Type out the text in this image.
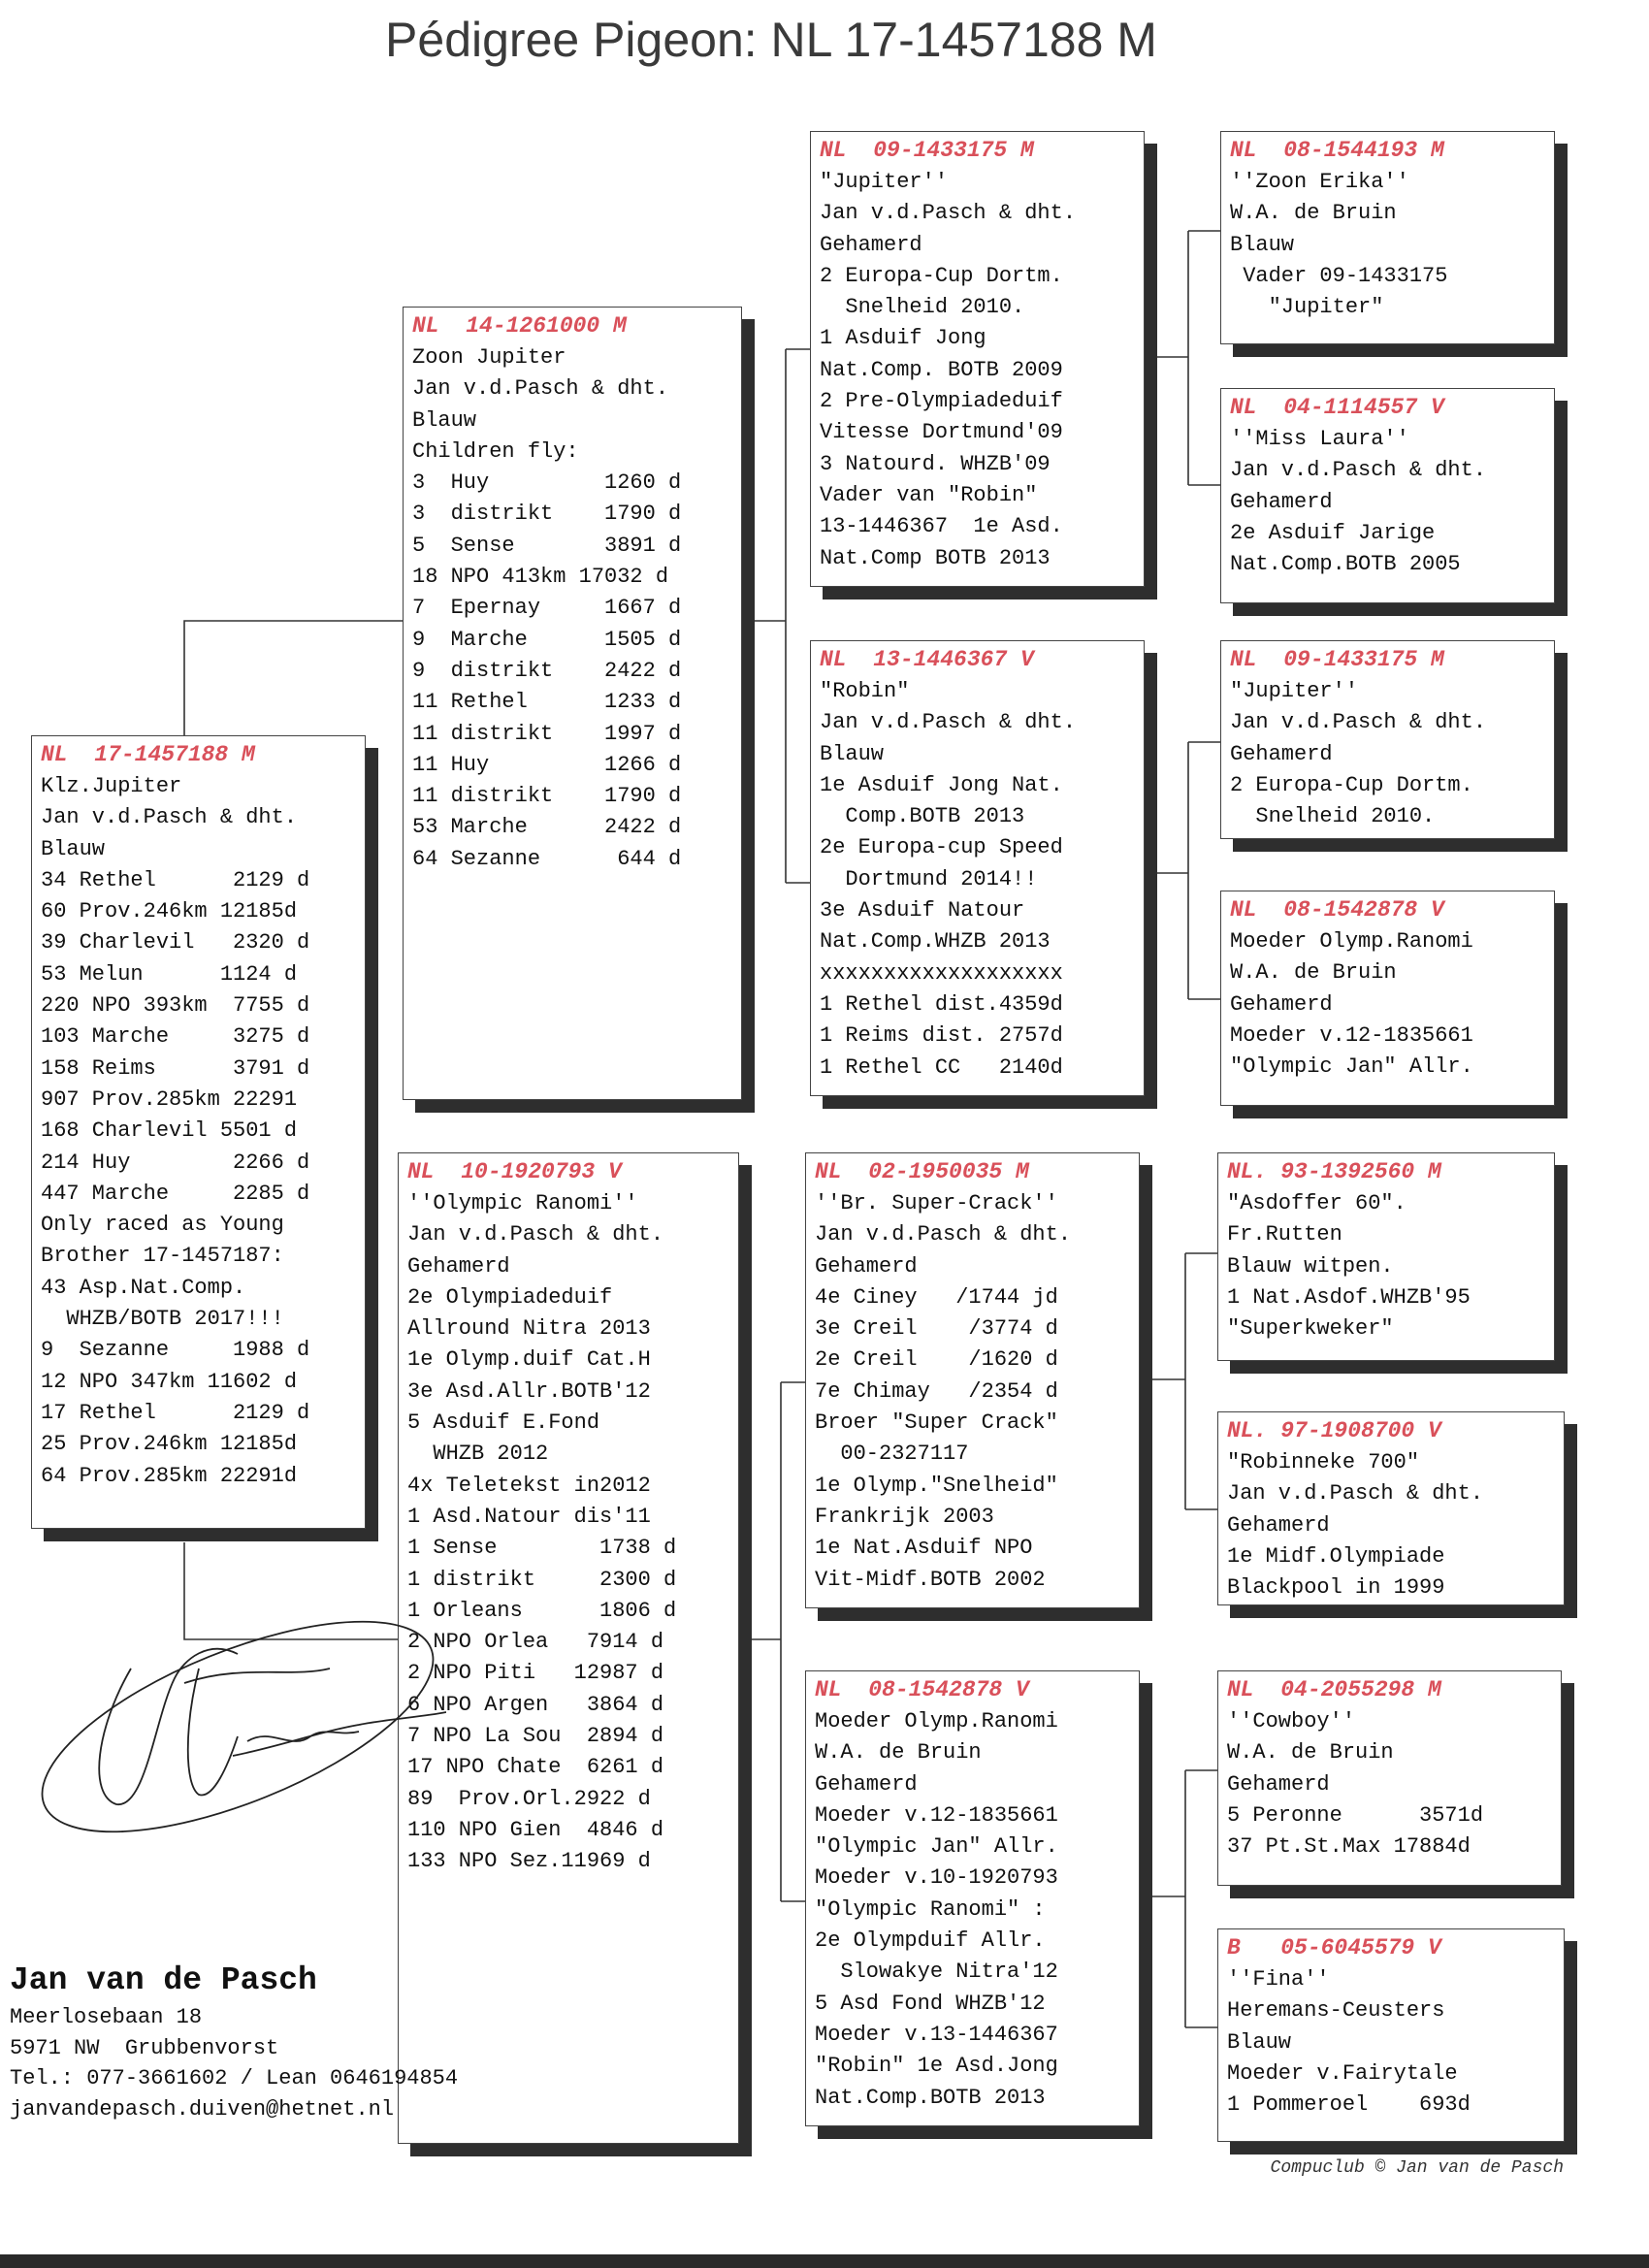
Pédigree Pigeon: NL 17-1457188 M
NL  17-1457188 M
Klz.Jupiter
Jan v.d.Pasch & dht.
Blauw
34 Rethel      2129 d
60 Prov.246km 12185d
39 Charlevil   2320 d
53 Melun      1124 d
220 NPO 393km  7755 d
103 Marche     3275 d
158 Reims      3791 d
907 Prov.285km 22291
168 Charlevil 5501 d
214 Huy        2266 d
447 Marche     2285 d
Only raced as Young
Brother 17-1457187:
43 Asp.Nat.Comp.
WHZB/BOTB 2017!!!
9  Sezanne     1988 d
12 NPO 347km 11602 d
17 Rethel      2129 d
25 Prov.246km 12185d
64 Prov.285km 22291d
NL  14-1261000 M
Zoon Jupiter
Jan v.d.Pasch & dht.
Blauw
Children fly:
3  Huy         1260 d
3  distrikt    1790 d
5  Sense       3891 d
18 NPO 413km 17032 d
7  Epernay     1667 d
9  Marche      1505 d
9  distrikt    2422 d
11 Rethel      1233 d
11 distrikt    1997 d
11 Huy         1266 d
11 distrikt    1790 d
53 Marche      2422 d
64 Sezanne      644 d
NL  10-1920793 V
''Olympic Ranomi''
Jan v.d.Pasch & dht.
Gehamerd
2e Olympiadeduif
Allround Nitra 2013
1e Olymp.duif Cat.H
3e Asd.Allr.BOTB'12
5 Asduif E.Fond
WHZB 2012
4x Teletekst in2012
1 Asd.Natour dis'11
1 Sense        1738 d
1 distrikt     2300 d
1 Orleans      1806 d
2 NPO Orlea   7914 d
2 NPO Piti   12987 d
6 NPO Argen   3864 d
7 NPO La Sou  2894 d
17 NPO Chate  6261 d
89  Prov.Orl.2922 d
110 NPO Gien  4846 d
133 NPO Sez.11969 d
NL  09-1433175 M
"Jupiter''
Jan v.d.Pasch & dht.
Gehamerd
2 Europa-Cup Dortm.
Snelheid 2010.
1 Asduif Jong
Nat.Comp. BOTB 2009
2 Pre-Olympiadeduif
Vitesse Dortmund'09
3 Natourd. WHZB'09
Vader van "Robin"
13-1446367  1e Asd.
Nat.Comp BOTB 2013
NL  13-1446367 V
"Robin"
Jan v.d.Pasch & dht.
Blauw
1e Asduif Jong Nat.
Comp.BOTB 2013
2e Europa-cup Speed
Dortmund 2014!!
3e Asduif Natour
Nat.Comp.WHZB 2013
xxxxxxxxxxxxxxxxxxx
1 Rethel dist.4359d
1 Reims dist. 2757d
1 Rethel CC   2140d
NL  02-1950035 M
''Br. Super-Crack''
Jan v.d.Pasch & dht.
Gehamerd
4e Ciney   /1744 jd
3e Creil    /3774 d
2e Creil    /1620 d
7e Chimay   /2354 d
Broer "Super Crack"
00-2327117
1e Olymp."Snelheid"
Frankrijk 2003
1e Nat.Asduif NPO
Vit-Midf.BOTB 2002
NL  08-1542878 V
Moeder Olymp.Ranomi
W.A. de Bruin
Gehamerd
Moeder v.12-1835661
"Olympic Jan" Allr.
Moeder v.10-1920793
"Olympic Ranomi" :
2e Olympduif Allr.
Slowakye Nitra'12
5 Asd Fond WHZB'12
Moeder v.13-1446367
"Robin" 1e Asd.Jong
Nat.Comp.BOTB 2013
NL  08-1544193 M
''Zoon Erika''
W.A. de Bruin
Blauw
Vader 09-1433175
"Jupiter"
NL  04-1114557 V
''Miss Laura''
Jan v.d.Pasch & dht.
Gehamerd
2e Asduif Jarige
Nat.Comp.BOTB 2005
NL  09-1433175 M
"Jupiter''
Jan v.d.Pasch & dht.
Gehamerd
2 Europa-Cup Dortm.
Snelheid 2010.
NL  08-1542878 V
Moeder Olymp.Ranomi
W.A. de Bruin
Gehamerd
Moeder v.12-1835661
"Olympic Jan" Allr.
NL. 93-1392560 M
"Asdoffer 60".
Fr.Rutten
Blauw witpen.
1 Nat.Asdof.WHZB'95
"Superkweker"
NL. 97-1908700 V
"Robinneke 700"
Jan v.d.Pasch & dht.
Gehamerd
1e Midf.Olympiade
Blackpool in 1999
NL  04-2055298 M
''Cowboy''
W.A. de Bruin
Gehamerd
5 Peronne      3571d
37 Pt.St.Max 17884d
B   05-6045579 V
''Fina''
Heremans-Ceusters
Blauw
Moeder v.Fairytale
1 Pommeroel    693d
Jan van de Pasch
Meerlosebaan 18
5971 NW  Grubbenvorst
Tel.: 077-3661602 / Lean 0646194854
janvandepasch.duiven@hetnet.nl
Compuclub © Jan van de Pasch
